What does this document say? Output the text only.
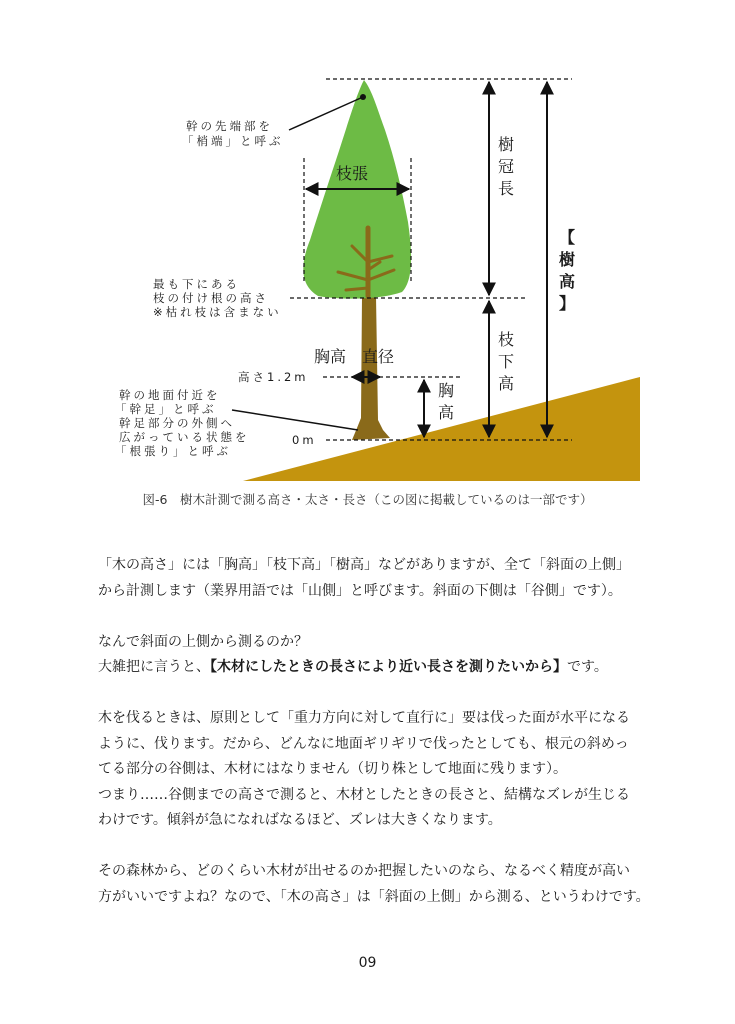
幹の先端部を
「梢端」と呼ぶ
枝張
樹
冠
長
【
樹
高
】
最も下にある
枝の付け根の高さ
※枯れ枝は含まない
枝
下
高
胸高　直径
高さ1.2m
胸
高
幹の地面付近を
「幹足」と呼ぶ
幹足部分の外側へ
広がっている状態を
「根張り」と呼ぶ
0m
図-6　樹木計測で測る高さ・太さ・長さ（この図に掲載しているのは一部です）

「木の高さ」には「胸高」「枝下高」「樹高」などがありますが、全て「斜面の上側」

から計測します（業界用語では「山側」と呼びます。斜面の下側は「谷側」です）。

なんで斜面の上側から測るのか？

大雑把に言うと、【木材にしたときの長さにより近い長さを測りたいから】です。

木を伐るときは、原則として「重力方向に対して直行に」要は伐った面が水平になる

ように、伐ります。だから、どんなに地面ギリギリで伐ったとしても、根元の斜めっ

てる部分の谷側は、木材にはなりません（切り株として地面に残ります）。

つまり……谷側までの高さで測ると、木材としたときの長さと、結構なズレが生じる

わけです。傾斜が急になればなるほど、ズレは大きくなります。

その森林から、どのくらい木材が出せるのか把握したいのなら、なるべく精度が高い

方がいいですよね？なので、「木の高さ」は「斜面の上側」から測る、というわけです。

09
